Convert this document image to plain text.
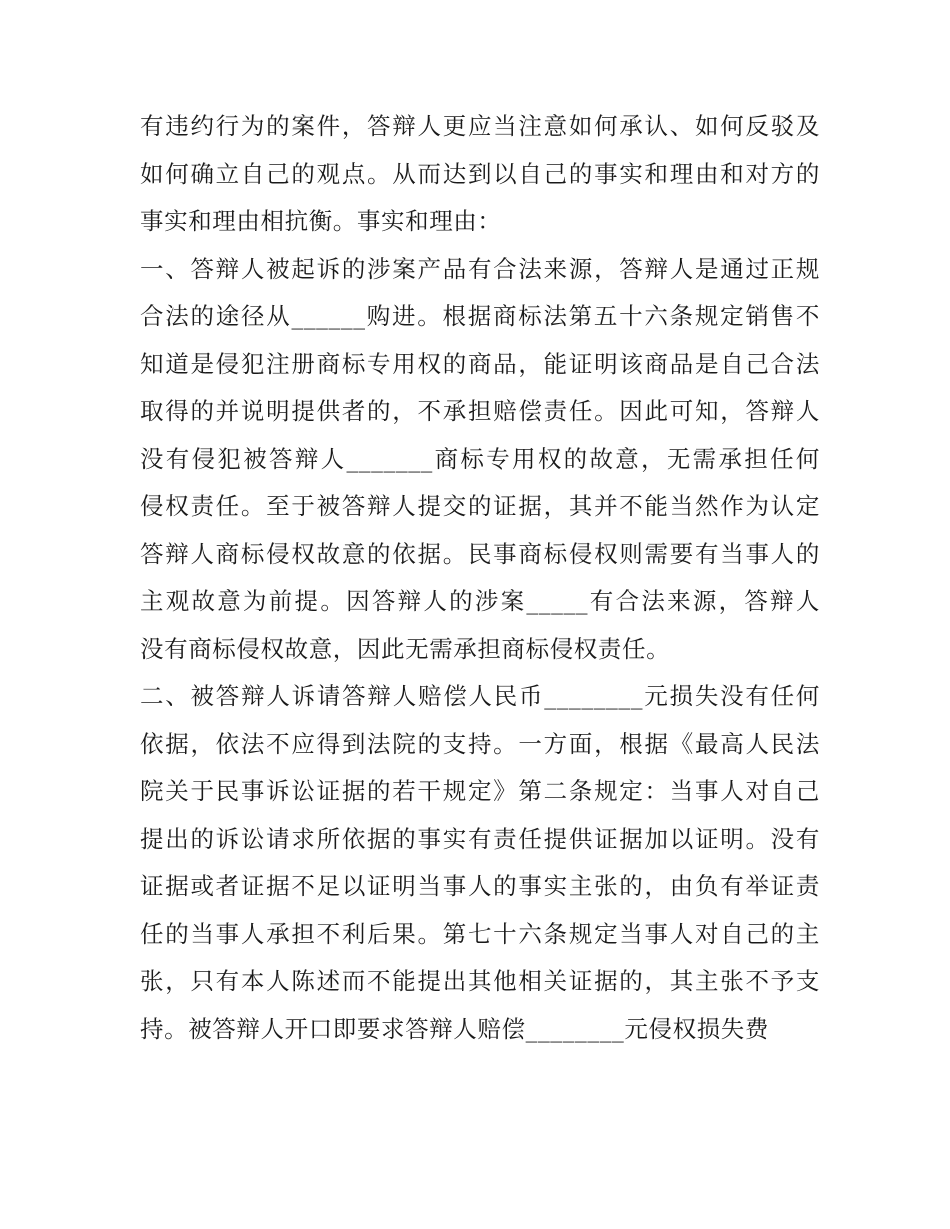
有违约行为的案件，答辩人更应当注意如何承认、如何反驳及
如何确立自己的观点。从而达到以自己的事实和理由和对方的
事实和理由相抗衡。事实和理由：
一、答辩人被起诉的涉案产品有合法来源，答辩人是通过正规
合法的途径从______购进。根据商标法第五十六条规定销售不
知道是侵犯注册商标专用权的商品，能证明该商品是自己合法
取得的并说明提供者的，不承担赔偿责任。因此可知，答辩人
没有侵犯被答辩人_______商标专用权的故意，无需承担任何
侵权责任。至于被答辩人提交的证据，其并不能当然作为认定
答辩人商标侵权故意的依据。民事商标侵权则需要有当事人的
主观故意为前提。因答辩人的涉案_____有合法来源，答辩人
没有商标侵权故意，因此无需承担商标侵权责任。
二、被答辩人诉请答辩人赔偿人民币________元损失没有任何
依据，依法不应得到法院的支持。一方面，根据《最高人民法
院关于民事诉讼证据的若干规定》第二条规定：当事人对自己
提出的诉讼请求所依据的事实有责任提供证据加以证明。没有
证据或者证据不足以证明当事人的事实主张的，由负有举证责
任的当事人承担不利后果。第七十六条规定当事人对自己的主
张，只有本人陈述而不能提出其他相关证据的，其主张不予支
持。被答辩人开口即要求答辩人赔偿________元侵权损失费
